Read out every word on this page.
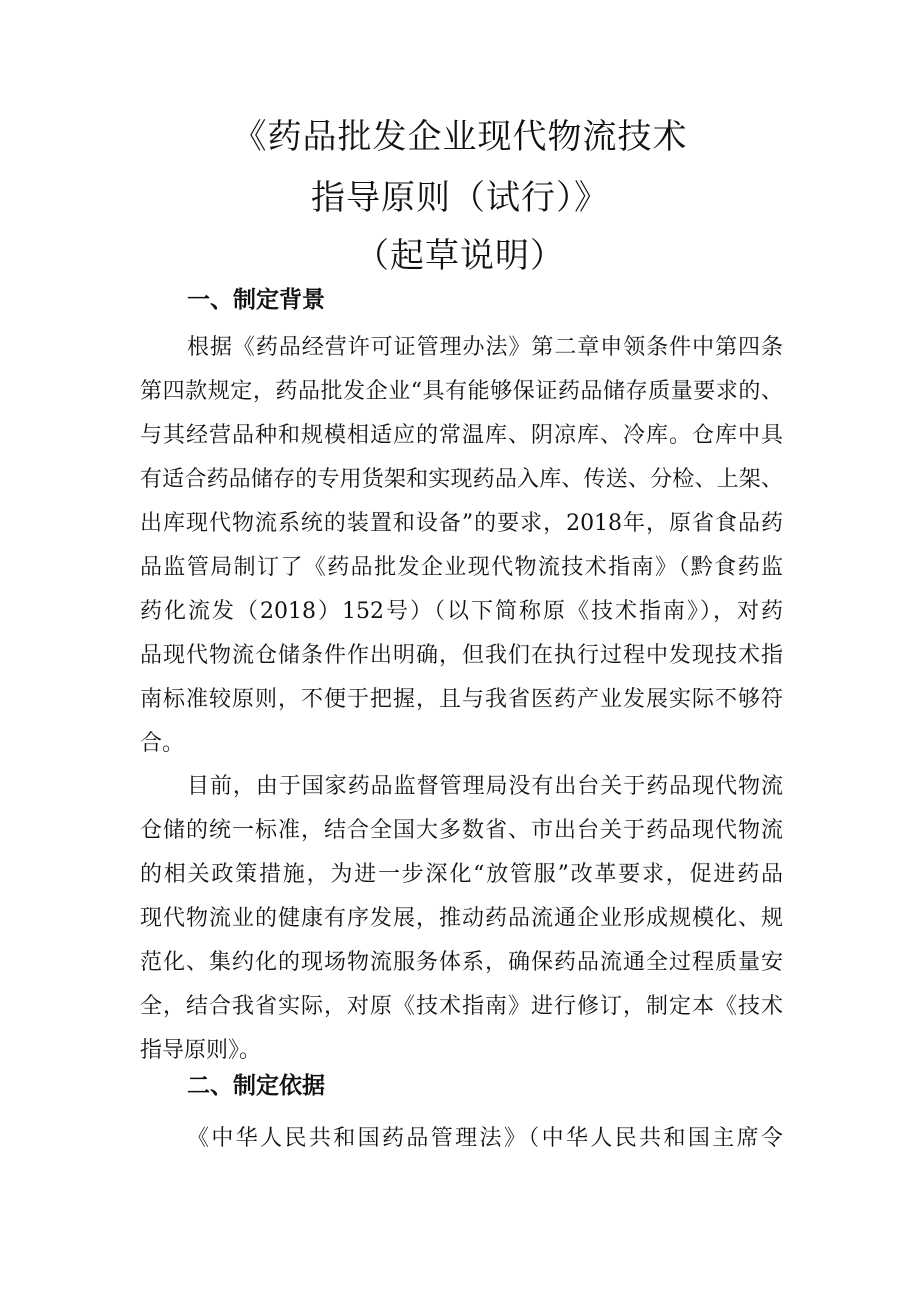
《药品批发企业现代物流技术
指导原则（试行）》
（起草说明）
一、制定背景
根据《药品经营许可证管理办法》第二章申领条件中第四条
第四款规定，药品批发企业“具有能够保证药品储存质量要求的、
与其经营品种和规模相适应的常温库、阴凉库、冷库。仓库中具
有适合药品储存的专用货架和实现药品入库、传送、分检、上架、
出库现代物流系统的装置和设备”的要求，2018年，原省食品药
品监管局制订了《药品批发企业现代物流技术指南》（黔食药监
药化流发（2018）152号）（以下简称原《技术指南》），对药
品现代物流仓储条件作出明确，但我们在执行过程中发现技术指
南标准较原则，不便于把握，且与我省医药产业发展实际不够符
合。
目前，由于国家药品监督管理局没有出台关于药品现代物流
仓储的统一标准，结合全国大多数省、市出台关于药品现代物流
的相关政策措施，为进一步深化“放管服”改革要求，促进药品
现代物流业的健康有序发展，推动药品流通企业形成规模化、规
范化、集约化的现场物流服务体系，确保药品流通全过程质量安
全，结合我省实际，对原《技术指南》进行修订，制定本《技术
指导原则》。
二、制定依据
《中华人民共和国药品管理法》（中华人民共和国主席令
